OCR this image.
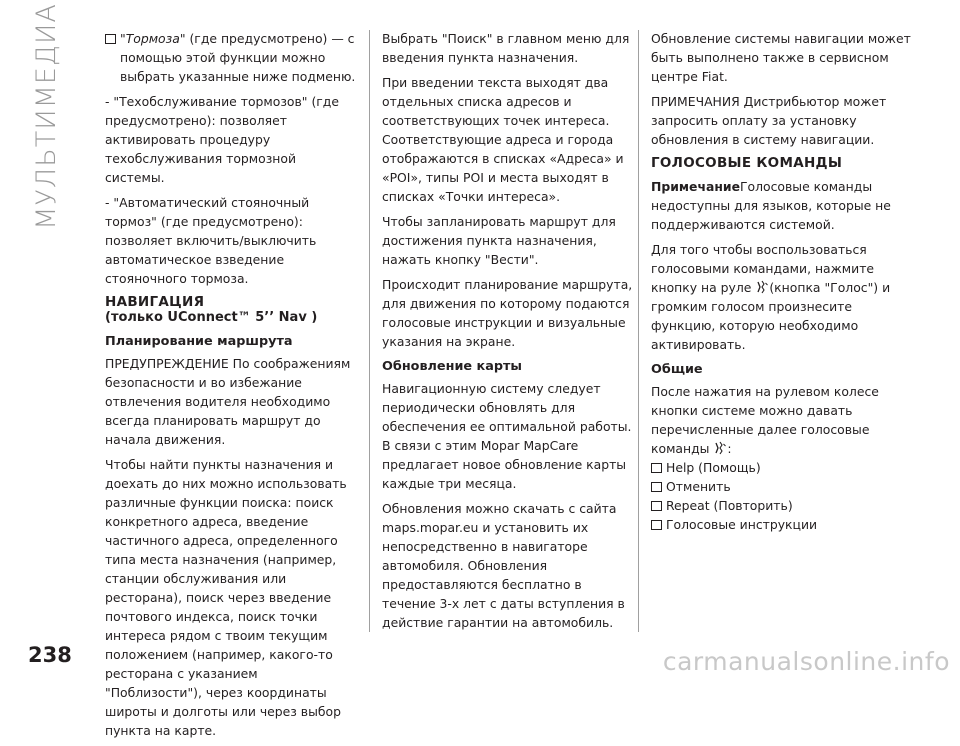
МУЛЬТИМЕДИА	"Тормоза" (где предусмотрено) — с помощью этой функции можно выбрать указанные ниже подменю.

- "Техобслуживание тормозов" (где предусмотрено): позволяет активировать процедуру техобслуживания тормозной системы.

- "Автоматический стояночный тормоз" (где предусмотрено): позволяет включить/выключить автоматическое взведение стояночного тормоза.

НАВИГАЦИЯ
(только UConnect™ 5’’ Nav )
Планирование маршрута

ПРЕДУПРЕЖДЕНИЕ По соображениям безопасности и во избежание отвлечения водителя необходимо всегда планировать маршрут до начала движения.

Чтобы найти пункты назначения и доехать до них можно использовать различные функции поиска: поиск конкретного адреса, введение частичного адреса, определенного типа места назначения (например, станции обслуживания или ресторана), поиск через введение почтового индекса, поиск точки интереса рядом с твоим текущим положением (например, какого-то ресторана с указанием "Поблизости"), через координаты широты и долготы или через выбор пункта на карте.

Выбрать "Поиск" в главном меню для введения пункта назначения.

При введении текста выходят два отдельных списка адресов и соответствующих точек интереса. Соответствующие адреса и города отображаются в списках «Адреса» и «POI», типы POI и места выходят в списках «Точки интереса».

Чтобы запланировать маршрут для достижения пункта назначения, нажать кнопку "Вести".

Происходит планирование маршрута, для движения по которому подаются голосовые инструкции и визуальные указания на экране.

Обновление карты

Навигационную систему следует периодически обновлять для обеспечения ее оптимальной работы. В связи с этим Mopar MapCare предлагает новое обновление карты каждые три месяца.

Обновления можно скачать с сайта maps.mopar.eu и установить их непосредственно в навигаторе автомобиля. Обновления предоставляются бесплатно в течение 3-х лет с даты вступления в действие гарантии на автомобиль.

Обновление системы навигации может быть выполнено также в сервисном центре Fiat.

ПРИМЕЧАНИЯ Дистрибьютор может запросить оплату за установку обновления в систему навигации.

ГОЛОСОВЫЕ КОМАНДЫ

ПримечаниеГолосовые команды недоступны для языков, которые не поддерживаются системой.

Для того чтобы воспользоваться голосовыми командами, нажмите кнопку на руле (кнопка "Голос") и громким голосом произнесите функцию, которую необходимо активировать.

Общие

После нажатия на рулевом колесе кнопки системе можно давать перечисленные далее голосовые команды :

Help (Помощь)
Отменить
Repeat (Повторить)
Голосовые инструкции
238	carmanualsonline.info
